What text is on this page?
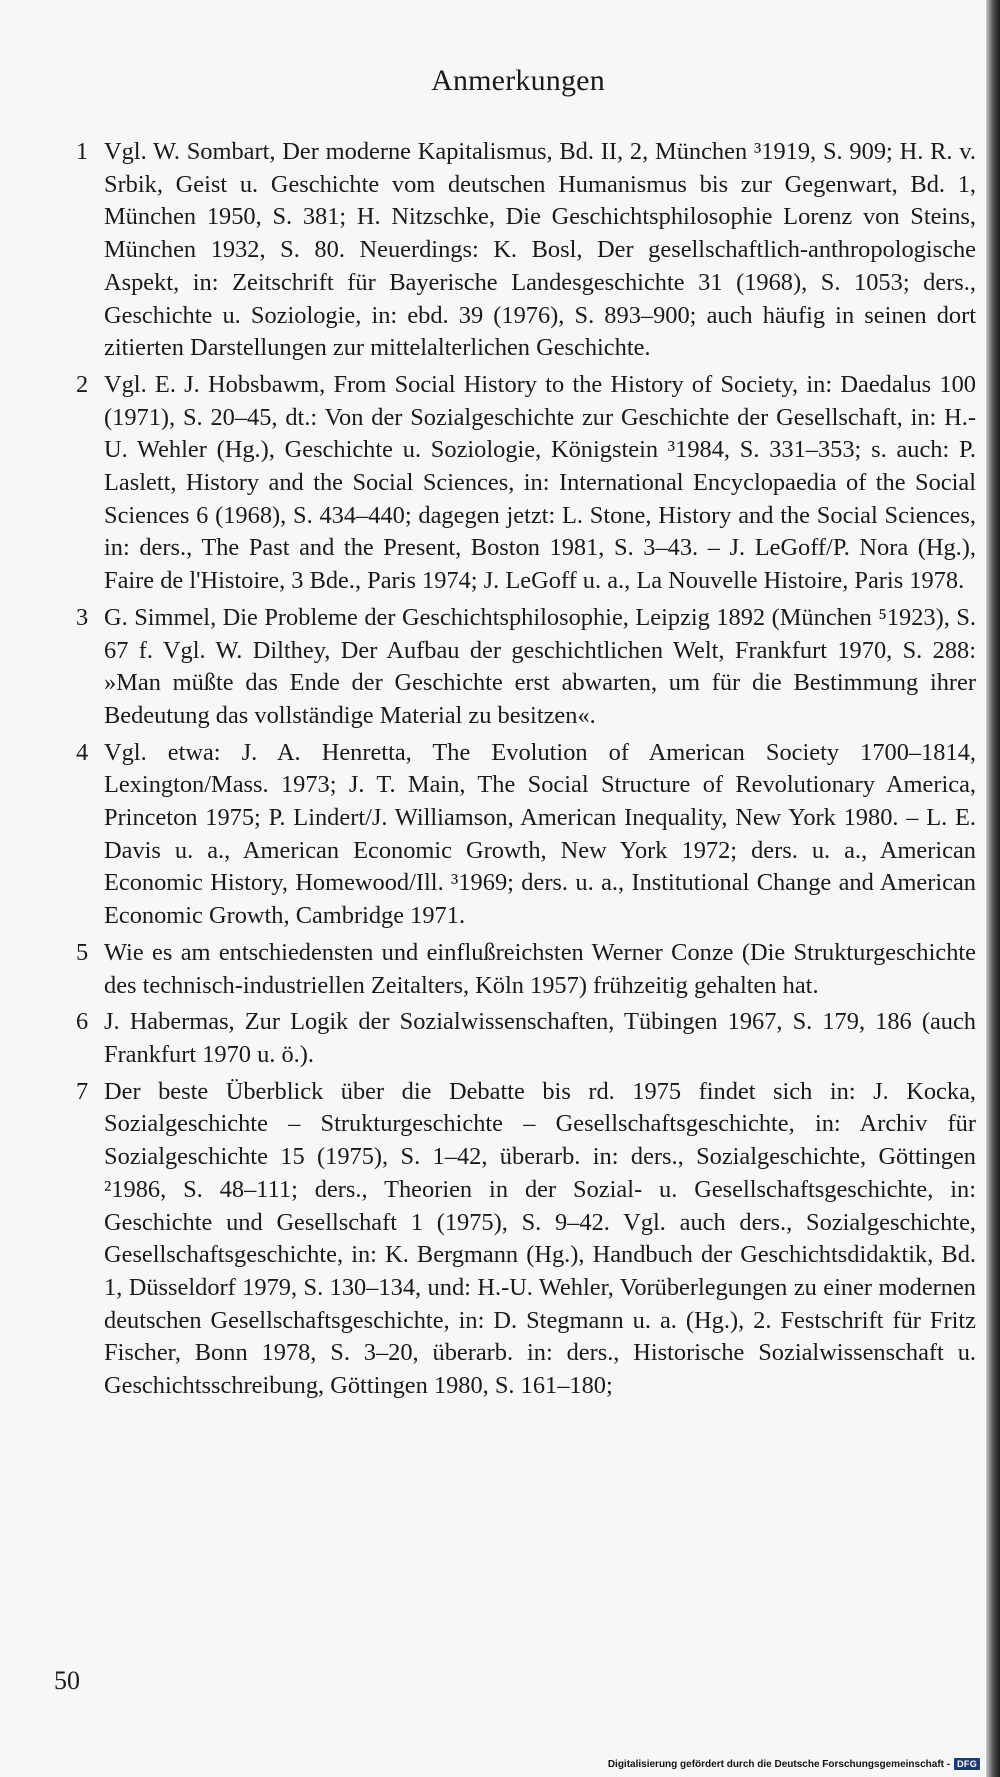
Anmerkungen
1 Vgl. W. Sombart, Der moderne Kapitalismus, Bd. II, 2, München ³1919, S. 909; H. R. v. Srbik, Geist u. Geschichte vom deutschen Humanismus bis zur Gegenwart, Bd. 1, München 1950, S. 381; H. Nitzschke, Die Geschichtsphilosophie Lorenz von Steins, München 1932, S. 80. Neuerdings: K. Bosl, Der gesellschaftlich-anthropologische Aspekt, in: Zeitschrift für Bayerische Landesgeschichte 31 (1968), S. 1053; ders., Geschichte u. Soziologie, in: ebd. 39 (1976), S. 893–900; auch häufig in seinen dort zitierten Darstellungen zur mittelalterlichen Geschichte.
2 Vgl. E. J. Hobsbawm, From Social History to the History of Society, in: Daedalus 100 (1971), S. 20–45, dt.: Von der Sozialgeschichte zur Geschichte der Gesellschaft, in: H.-U. Wehler (Hg.), Geschichte u. Soziologie, Königstein ³1984, S. 331–353; s. auch: P. Laslett, History and the Social Sciences, in: International Encyclopaedia of the Social Sciences 6 (1968), S. 434–440; dagegen jetzt: L. Stone, History and the Social Sciences, in: ders., The Past and the Present, Boston 1981, S. 3–43. – J. LeGoff/P. Nora (Hg.), Faire de l'Histoire, 3 Bde., Paris 1974; J. LeGoff u. a., La Nouvelle Histoire, Paris 1978.
3 G. Simmel, Die Probleme der Geschichtsphilosophie, Leipzig 1892 (München ⁵1923), S. 67 f. Vgl. W. Dilthey, Der Aufbau der geschichtlichen Welt, Frankfurt 1970, S. 288: »Man müßte das Ende der Geschichte erst abwarten, um für die Bestimmung ihrer Bedeutung das vollständige Material zu besitzen«.
4 Vgl. etwa: J. A. Henretta, The Evolution of American Society 1700–1814, Lexington/Mass. 1973; J. T. Main, The Social Structure of Revolutionary America, Princeton 1975; P. Lindert/J. Williamson, American Inequality, New York 1980. – L. E. Davis u. a., American Economic Growth, New York 1972; ders. u. a., American Economic History, Homewood/Ill. ³1969; ders. u. a., Institutional Change and American Economic Growth, Cambridge 1971.
5 Wie es am entschiedensten und einflußreichsten Werner Conze (Die Strukturgeschichte des technisch-industriellen Zeitalters, Köln 1957) frühzeitig gehalten hat.
6 J. Habermas, Zur Logik der Sozialwissenschaften, Tübingen 1967, S. 179, 186 (auch Frankfurt 1970 u. ö.).
7 Der beste Überblick über die Debatte bis rd. 1975 findet sich in: J. Kocka, Sozialgeschichte – Strukturgeschichte – Gesellschaftsgeschichte, in: Archiv für Sozialgeschichte 15 (1975), S. 1–42, überarb. in: ders., Sozialgeschichte, Göttingen ²1986, S. 48–111; ders., Theorien in der Sozial- u. Gesellschaftsgeschichte, in: Geschichte und Gesellschaft 1 (1975), S. 9–42. Vgl. auch ders., Sozialgeschichte, Gesellschaftsgeschichte, in: K. Bergmann (Hg.), Handbuch der Geschichtsdidaktik, Bd. 1, Düsseldorf 1979, S. 130–134, und: H.-U. Wehler, Vorüberlegungen zu einer modernen deutschen Gesellschaftsgeschichte, in: D. Stegmann u. a. (Hg.), 2. Festschrift für Fritz Fischer, Bonn 1978, S. 3–20, überarb. in: ders., Historische Sozialwissenschaft u. Geschichtsschreibung, Göttingen 1980, S. 161–180;
50
Digitalisierung gefördert durch die Deutsche Forschungsgemeinschaft - DFG
